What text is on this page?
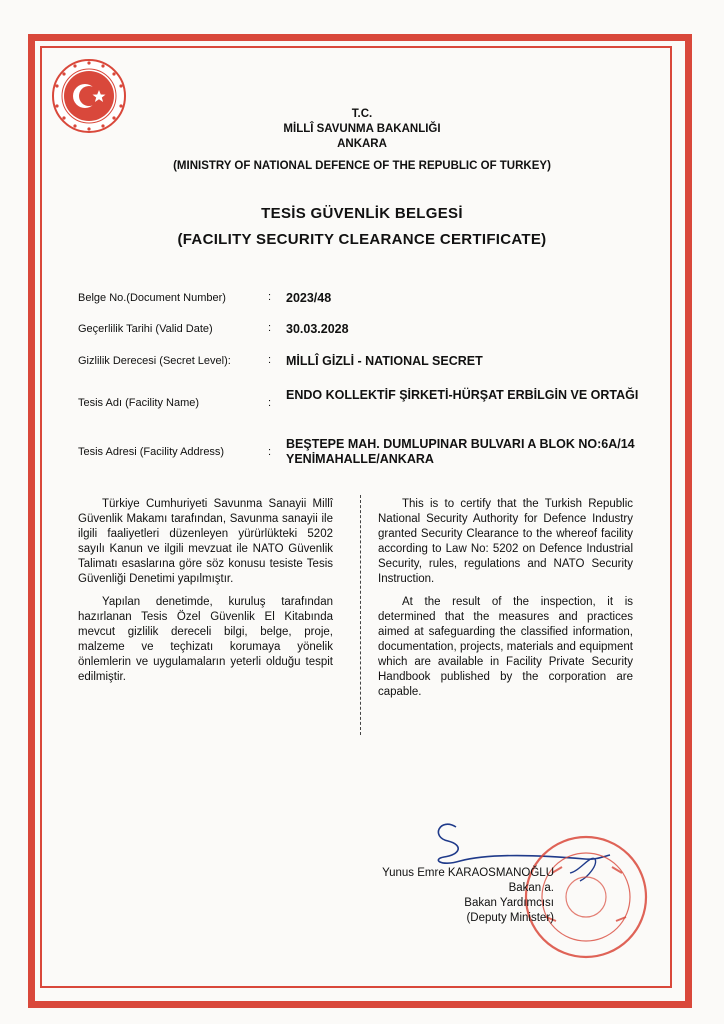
T.C.
MİLLÎ SAVUNMA BAKANLIĞI
ANKARA
(MINISTRY OF NATIONAL DEFENCE OF THE REPUBLIC OF TURKEY)
TESİS GÜVENLİK BELGESİ
(FACILITY SECURITY CLEARANCE CERTIFICATE)
Belge No.(Document Number)	: 2023/48
Geçerlilik Tarihi (Valid Date)	: 30.03.2028
Gizlilik Derecesi (Secret Level):	: MİLLÎ GİZLİ - NATIONAL SECRET
Tesis Adı (Facility Name)	:
ENDO KOLLEKTİF ŞİRKETİ-HÜRŞAT ERBİLGİN VE ORTAĞI
Tesis Adresi (Facility Address)	:
BEŞTEPE MAH. DUMLUPINAR BULVARI A BLOK NO:6A/14 YENİMAHALLE/ANKARA

Türkiye Cumhuriyeti Savunma Sanayii Millî Güvenlik Makamı tarafından, Savunma sanayii ile ilgili faaliyetleri düzenleyen yürürlükteki 5202 sayılı Kanun ve ilgili mevzuat ile NATO Güvenlik Talimatı esaslarına göre söz konusu tesiste Tesis Güvenliği Denetimi yapılmıştır.

Yapılan denetimde, kuruluş tarafından hazırlanan Tesis Özel Güvenlik El Kitabında mevcut gizlilik dereceli bilgi, belge, proje, malzeme ve teçhizatı korumaya yönelik önlemlerin ve uygulamaların yeterli olduğu tespit edilmiştir.

This is to certify that the Turkish Republic National Security Authority for Defence Industry granted Security Clearance to the whereof facility according to Law No: 5202 on Defence Industrial Security, rules, regulations and NATO Security Instruction.

At the result of the inspection, it is determined that the measures and practices aimed at safeguarding the classified information, documentation, projects, materials and equipment which are available in Facility Private Security Handbook published by the corporation are capable.

Yunus Emre KARAOSMANOĞLU
Bakan a.
Bakan Yardımcısı
(Deputy Minister)
